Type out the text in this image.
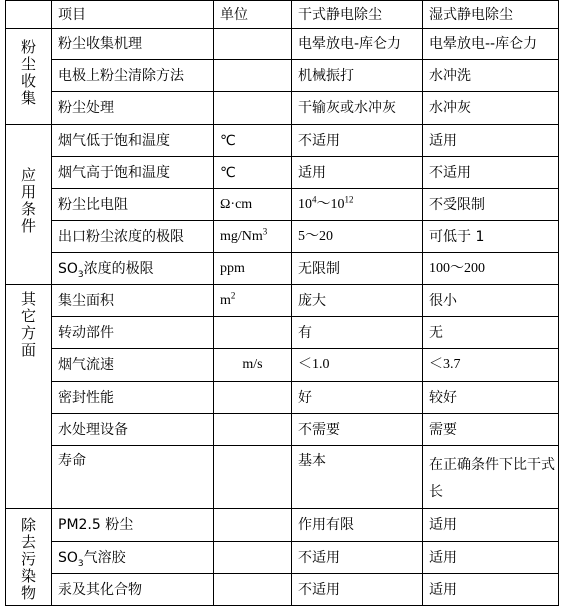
	项目	单位	干式静电除尘	湿式静电除尘

粉尘收集	粉尘收集机理		电晕放电-库仑力	电晕放电--库仑力
	电极上粉尘清除方法		机械振打	水冲洗
	粉尘处理		干输灰或水冲灰	水冲灰

应用条件	烟气低于饱和温度	℃	不适用	适用
	烟气高于饱和温度	℃	适用	不适用
	粉尘比电阻	Ω·cm	$10^4\sim 10^{12}$	不受限制
	出口粉尘浓度的极限	mg/Nm$^3$	5～20	可低于 1
	$SO_3$浓度的极限	ppm	无限制	100～200

其它方面	集尘面积	$m^2$	庞大	很小
	转动部件		有	无
	烟气流速	m/s	＜1.0	＜3.7
	密封性能		好	较好
	水处理设备		不需要	需要
	寿命		基本	在正确条件下比干式长

除去污染物	PM2.5 粉尘		作用有限	适用
	$SO_3$气溶胶		不适用	适用
	汞及其化合物		不适用	适用
